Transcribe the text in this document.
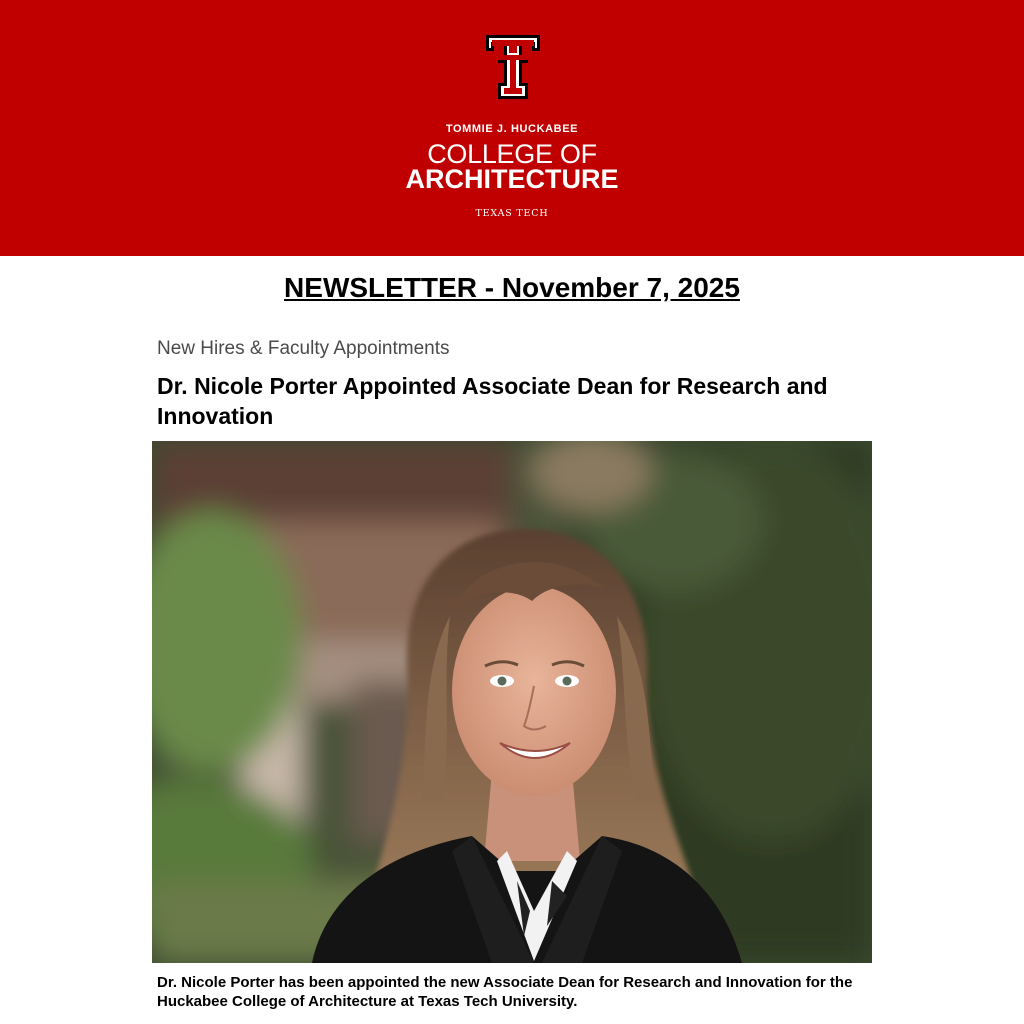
TOMMIE J. HUCKABEE
COLLEGE OF
ARCHITECTURE
TEXAS TECH
NEWSLETTER - November 7, 2025
New Hires & Faculty Appointments
Dr. Nicole Porter Appointed Associate Dean for Research and Innovation
Dr. Nicole Porter has been appointed the new Associate Dean for Research and Innovation for the Huckabee College of Architecture at Texas Tech University.
